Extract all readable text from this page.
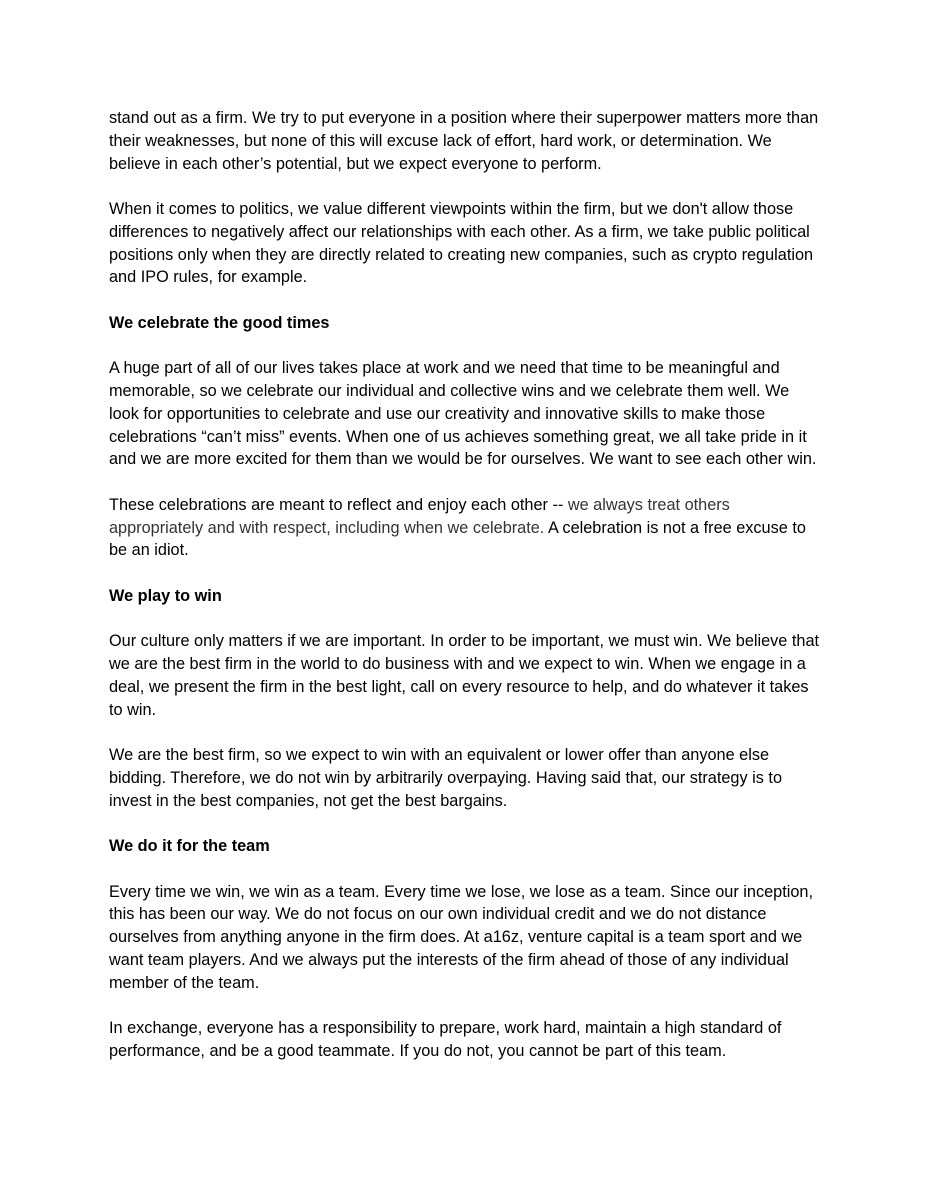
stand out as a firm. We try to put everyone in a position where their superpower matters more than their weaknesses, but none of this will excuse lack of effort, hard work, or determination. We believe in each other’s potential, but we expect everyone to perform.

When it comes to politics, we value different viewpoints within the firm, but we don't allow those differences to negatively affect our relationships with each other. As a firm, we take public political positions only when they are directly related to creating new companies, such as crypto regulation and IPO rules, for example.

We celebrate the good times

A huge part of all of our lives takes place at work and we need that time to be meaningful and memorable, so we celebrate our individual and collective wins and we celebrate them well. We look for opportunities to celebrate and use our creativity and innovative skills to make those celebrations “can’t miss” events. When one of us achieves something great, we all take pride in it and we are more excited for them than we would be for ourselves. We want to see each other win.

These celebrations are meant to reflect and enjoy each other -- we always treat others appropriately and with respect, including when we celebrate. A celebration is not a free excuse to be an idiot.

We play to win

Our culture only matters if we are important. In order to be important, we must win. We believe that we are the best firm in the world to do business with and we expect to win. When we engage in a deal, we present the firm in the best light, call on every resource to help, and do whatever it takes to win.

We are the best firm, so we expect to win with an equivalent or lower offer than anyone else bidding. Therefore, we do not win by arbitrarily overpaying. Having said that, our strategy is to invest in the best companies, not get the best bargains.

We do it for the team

Every time we win, we win as a team. Every time we lose, we lose as a team. Since our inception, this has been our way. We do not focus on our own individual credit and we do not distance ourselves from anything anyone in the firm does. At a16z, venture capital is a team sport and we want team players. And we always put the interests of the firm ahead of those of any individual member of the team.

In exchange, everyone has a responsibility to prepare, work hard, maintain a high standard of performance, and be a good teammate. If you do not, you cannot be part of this team.
